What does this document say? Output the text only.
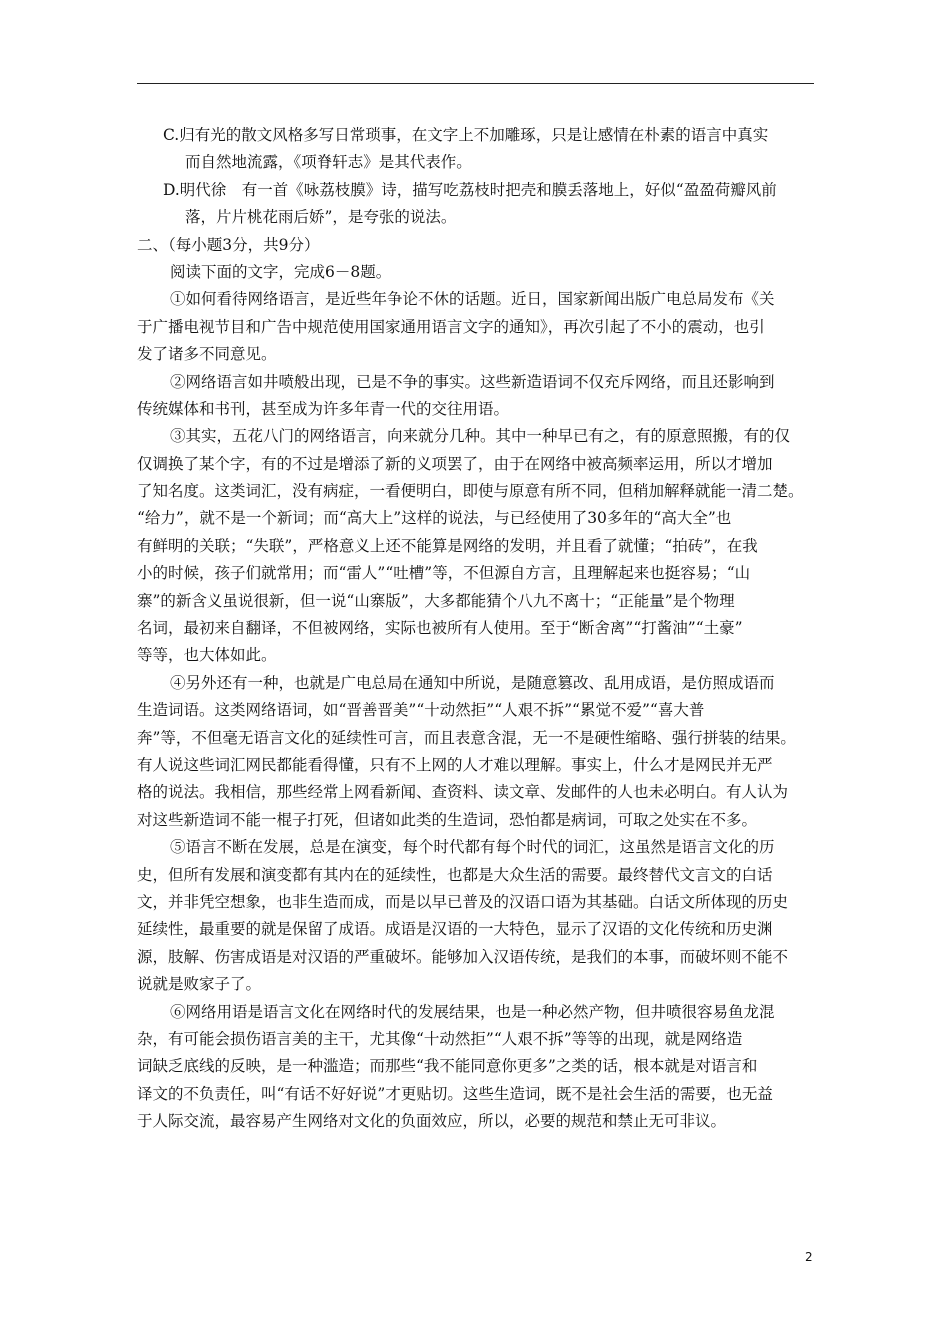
C.归有光的散文风格多写日常琐事，在文字上不加雕琢，只是让感情在朴素的语言中真实
而自然地流露，《项脊轩志》是其代表作。
D.明代徐　有一首《咏荔枝膜》诗，描写吃荔枝时把壳和膜丢落地上，好似“盈盈荷瓣风前
落，片片桃花雨后娇”，是夸张的说法。
二、（每小题3分，共9分）
阅读下面的文字，完成6－8题。
①如何看待网络语言，是近些年争论不休的话题。近日，国家新闻出版广电总局发布《关
于广播电视节目和广告中规范使用国家通用语言文字的通知》，再次引起了不小的震动，也引
发了诸多不同意见。
②网络语言如井喷般出现，已是不争的事实。这些新造语词不仅充斥网络，而且还影响到
传统媒体和书刊，甚至成为许多年青一代的交往用语。
③其实，五花八门的网络语言，向来就分几种。其中一种早已有之，有的原意照搬，有的仅
仅调换了某个字，有的不过是增添了新的义项罢了，由于在网络中被高频率运用，所以才增加
了知名度。这类词汇，没有病症，一看便明白，即使与原意有所不同，但稍加解释就能一清二楚。
“给力”，就不是一个新词；而“高大上”这样的说法，与已经使用了30多年的“高大全”也
有鲜明的关联；“失联”，严格意义上还不能算是网络的发明，并且看了就懂；“拍砖”，在我
小的时候，孩子们就常用；而“雷人”“吐槽”等，不但源自方言，且理解起来也挺容易；“山
寨”的新含义虽说很新，但一说“山寨版”，大多都能猜个八九不离十；“正能量”是个物理
名词，最初来自翻译，不但被网络，实际也被所有人使用。至于“断舍离”“打酱油”“土豪”
等等，也大体如此。
④另外还有一种，也就是广电总局在通知中所说，是随意篡改、乱用成语，是仿照成语而
生造词语。这类网络语词，如“晋善晋美”“十动然拒”“人艰不拆”“累觉不爱”“喜大普
奔”等，不但毫无语言文化的延续性可言，而且表意含混，无一不是硬性缩略、强行拼装的结果。
有人说这些词汇网民都能看得懂，只有不上网的人才难以理解。事实上，什么才是网民并无严
格的说法。我相信，那些经常上网看新闻、查资料、读文章、发邮件的人也未必明白。有人认为
对这些新造词不能一棍子打死，但诸如此类的生造词，恐怕都是病词，可取之处实在不多。
⑤语言不断在发展，总是在演变，每个时代都有每个时代的词汇，这虽然是语言文化的历
史，但所有发展和演变都有其内在的延续性，也都是大众生活的需要。最终替代文言文的白话
文，并非凭空想象，也非生造而成，而是以早已普及的汉语口语为其基础。白话文所体现的历史
延续性，最重要的就是保留了成语。成语是汉语的一大特色，显示了汉语的文化传统和历史渊
源，肢解、伤害成语是对汉语的严重破坏。能够加入汉语传统，是我们的本事，而破坏则不能不
说就是败家子了。
⑥网络用语是语言文化在网络时代的发展结果，也是一种必然产物，但井喷很容易鱼龙混
杂，有可能会损伤语言美的主干，尤其像“十动然拒”“人艰不拆”等等的出现，就是网络造
词缺乏底线的反映，是一种滥造；而那些“我不能同意你更多”之类的话，根本就是对语言和
译文的不负责任，叫“有话不好好说”才更贴切。这些生造词，既不是社会生活的需要，也无益
于人际交流，最容易产生网络对文化的负面效应，所以，必要的规范和禁止无可非议。
2
